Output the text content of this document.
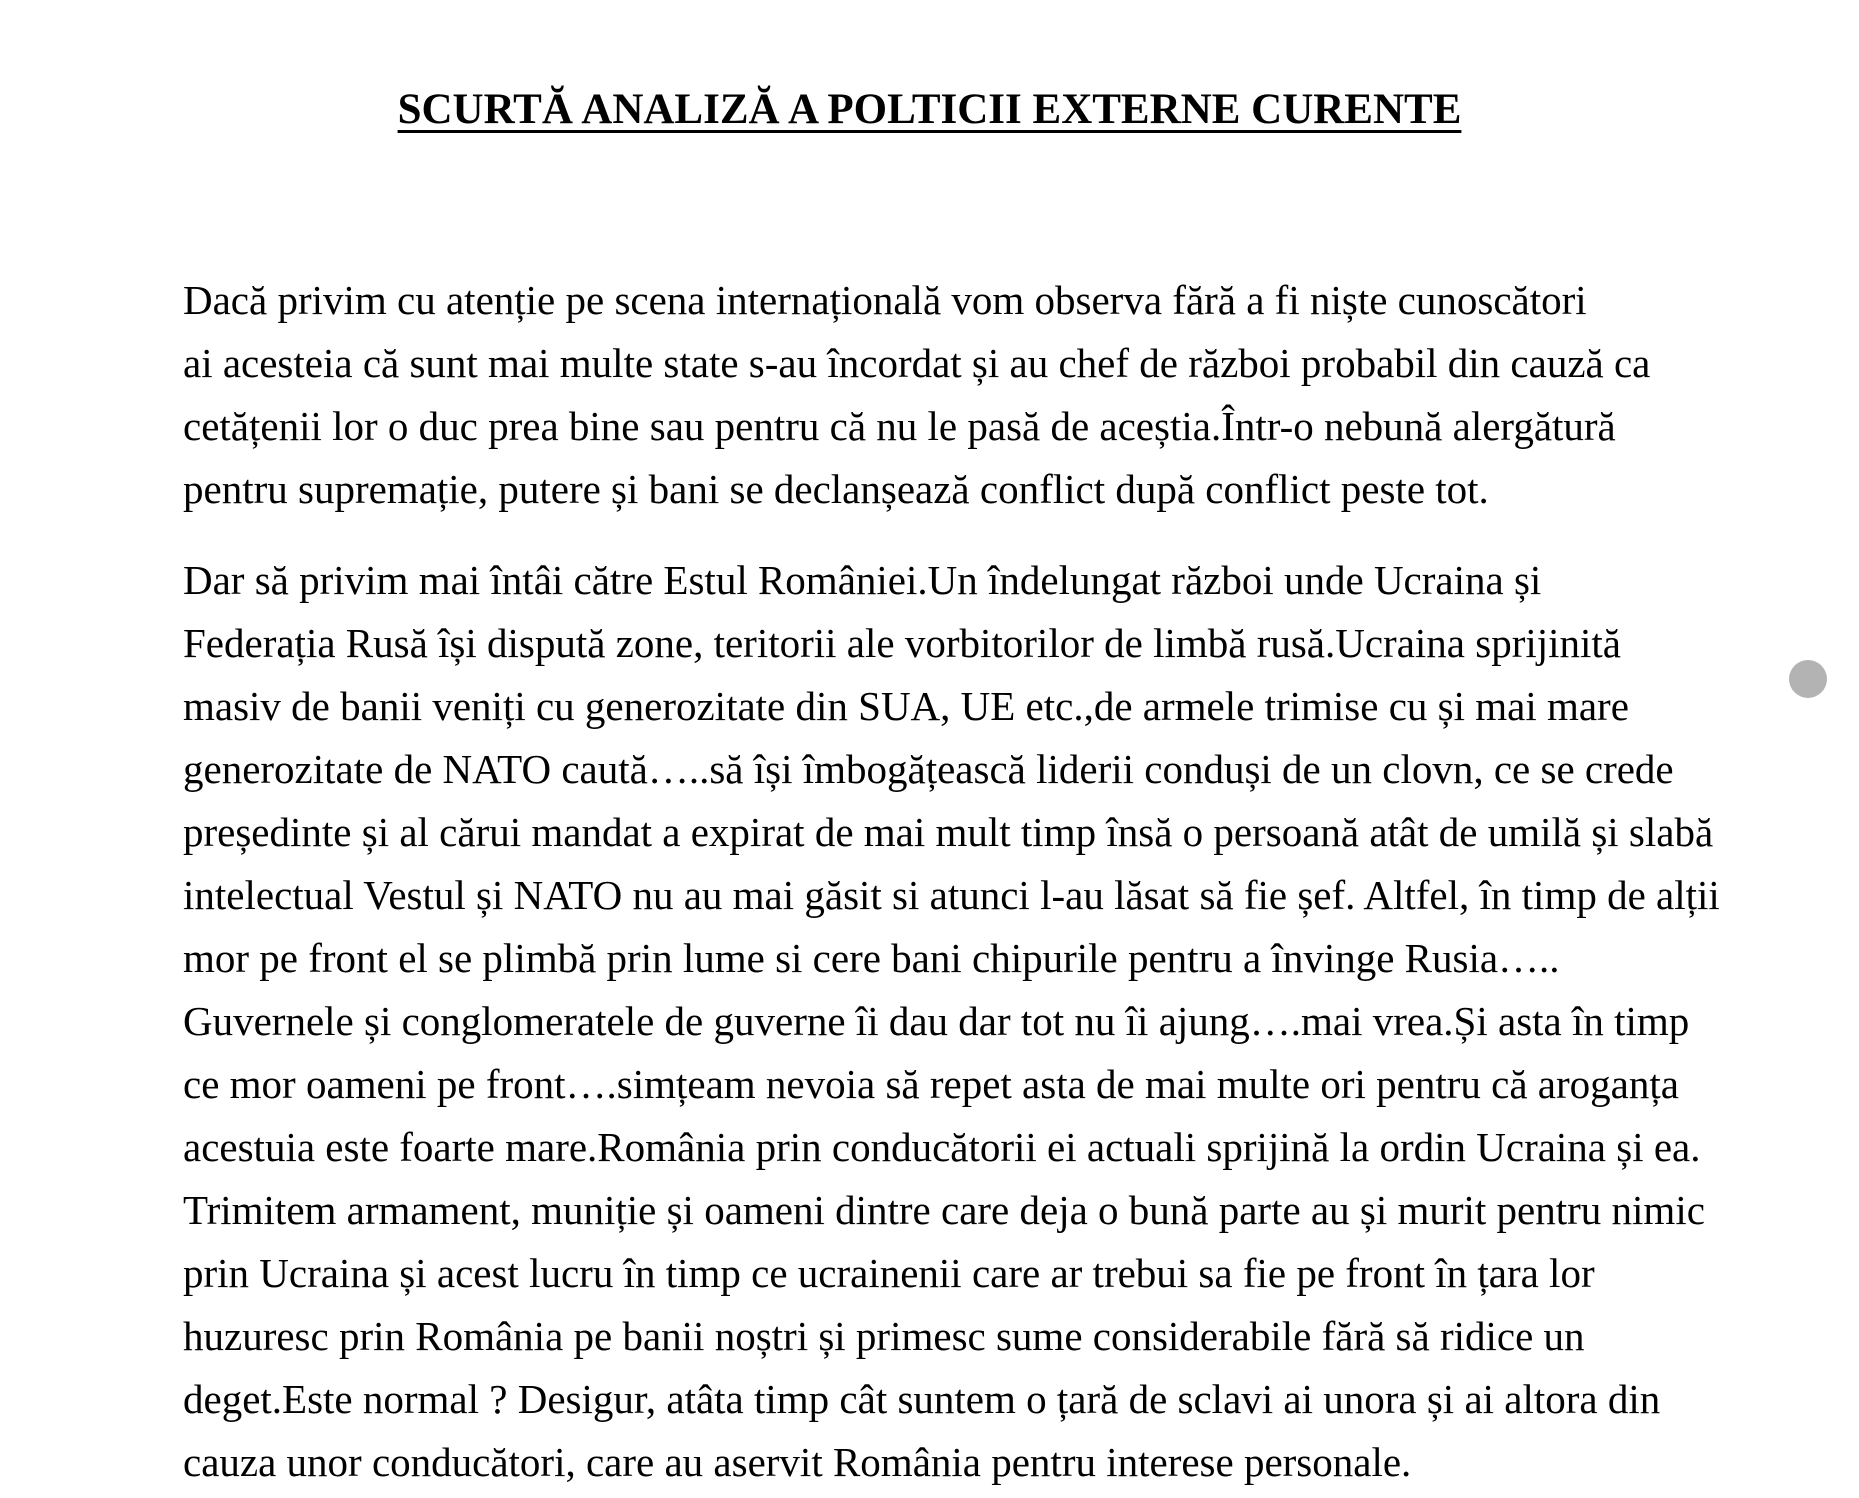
SCURTĂ ANALIZĂ A POLTICII EXTERNE CURENTE

Dacă privim cu atenție pe scena internațională vom observa fără a fi niște cunoscători
ai acesteia că sunt mai multe state s-au încordat și au chef de război probabil din cauză ca
cetățenii lor o duc prea bine sau pentru că nu le pasă de aceștia.Într-o nebună alergătură
pentru supremație, putere și bani se declanșează conflict după conflict peste tot.

Dar să privim mai întâi către Estul României.Un îndelungat război unde Ucraina și
Federația Rusă își dispută zone, teritorii ale vorbitorilor de limbă rusă.Ucraina sprijinită
masiv de banii veniți cu generozitate din SUA, UE etc.,de armele trimise cu și mai mare
generozitate de NATO caută…..să își îmbogățească liderii conduși de un clovn, ce se crede
președinte și al cărui mandat a expirat de mai mult timp însă o persoană atât de umilă și slabă
intelectual Vestul și NATO nu au mai găsit si atunci l-au lăsat să fie șef. Altfel, în timp de alții
mor pe front el se plimbă prin lume si cere bani chipurile pentru a învinge Rusia…..
Guvernele și conglomeratele de guverne îi dau dar tot nu îi ajung….mai vrea.Și asta în timp
ce mor oameni pe front….simțeam nevoia să repet asta de mai multe ori pentru că aroganța
acestuia este foarte mare.România prin conducătorii ei actuali sprijină la ordin Ucraina și ea.
Trimitem armament, muniție și oameni dintre care deja o bună parte au și murit pentru nimic
prin Ucraina și acest lucru în timp ce ucrainenii care ar trebui sa fie pe front în țara lor
huzuresc prin România pe banii noștri și primesc sume considerabile fără să ridice un
deget.Este normal ? Desigur, atâta timp cât suntem o țară de sclavi ai unora și ai altora din
cauza unor conducători, care au aservit România pentru interese personale.
